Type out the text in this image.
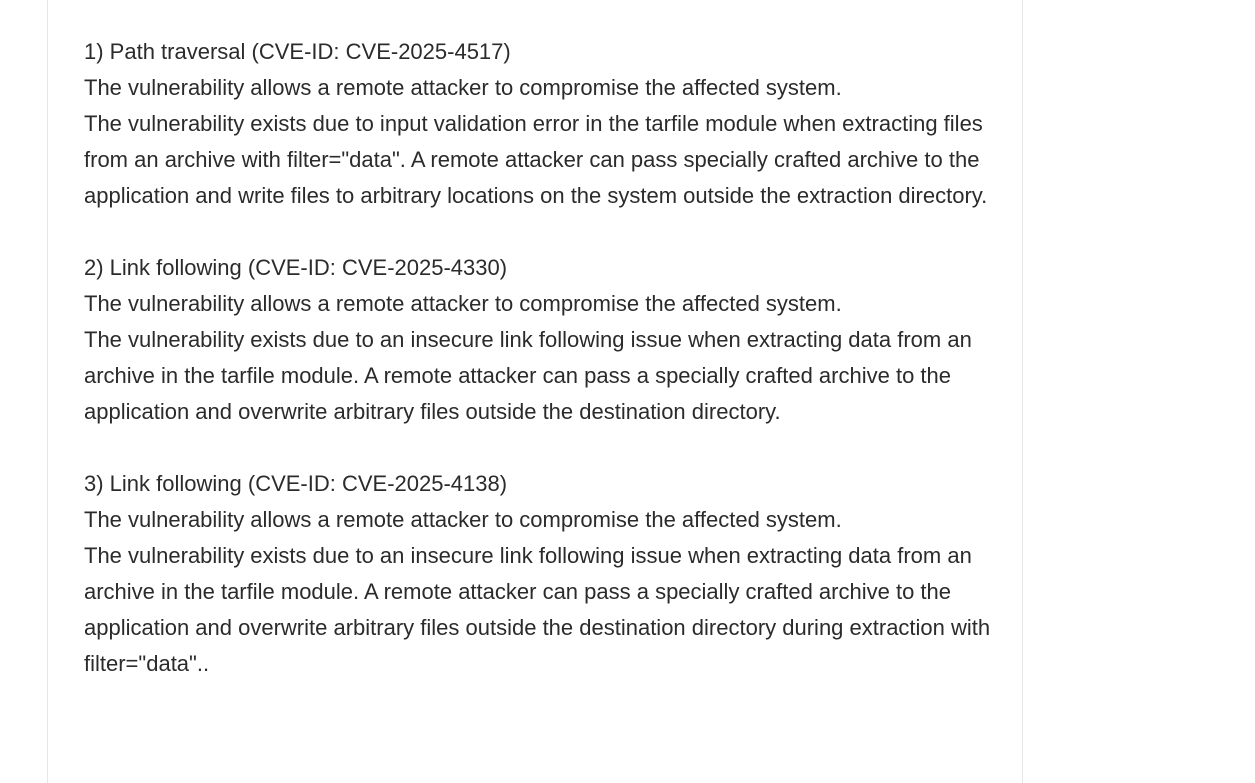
1) Path traversal (CVE-ID: CVE-2025-4517)
The vulnerability allows a remote attacker to compromise the affected system.
The vulnerability exists due to input validation error in the tarfile module when extracting files from an archive with filter="data". A remote attacker can pass specially crafted archive to the application and write files to arbitrary locations on the system outside the extraction directory.
2) Link following (CVE-ID: CVE-2025-4330)
The vulnerability allows a remote attacker to compromise the affected system.
The vulnerability exists due to an insecure link following issue when extracting data from an archive in the tarfile module. A remote attacker can pass a specially crafted archive to the application and overwrite arbitrary files outside the destination directory.
3) Link following (CVE-ID: CVE-2025-4138)
The vulnerability allows a remote attacker to compromise the affected system.
The vulnerability exists due to an insecure link following issue when extracting data from an archive in the tarfile module. A remote attacker can pass a specially crafted archive to the application and overwrite arbitrary files outside the destination directory during extraction with filter="data"..
